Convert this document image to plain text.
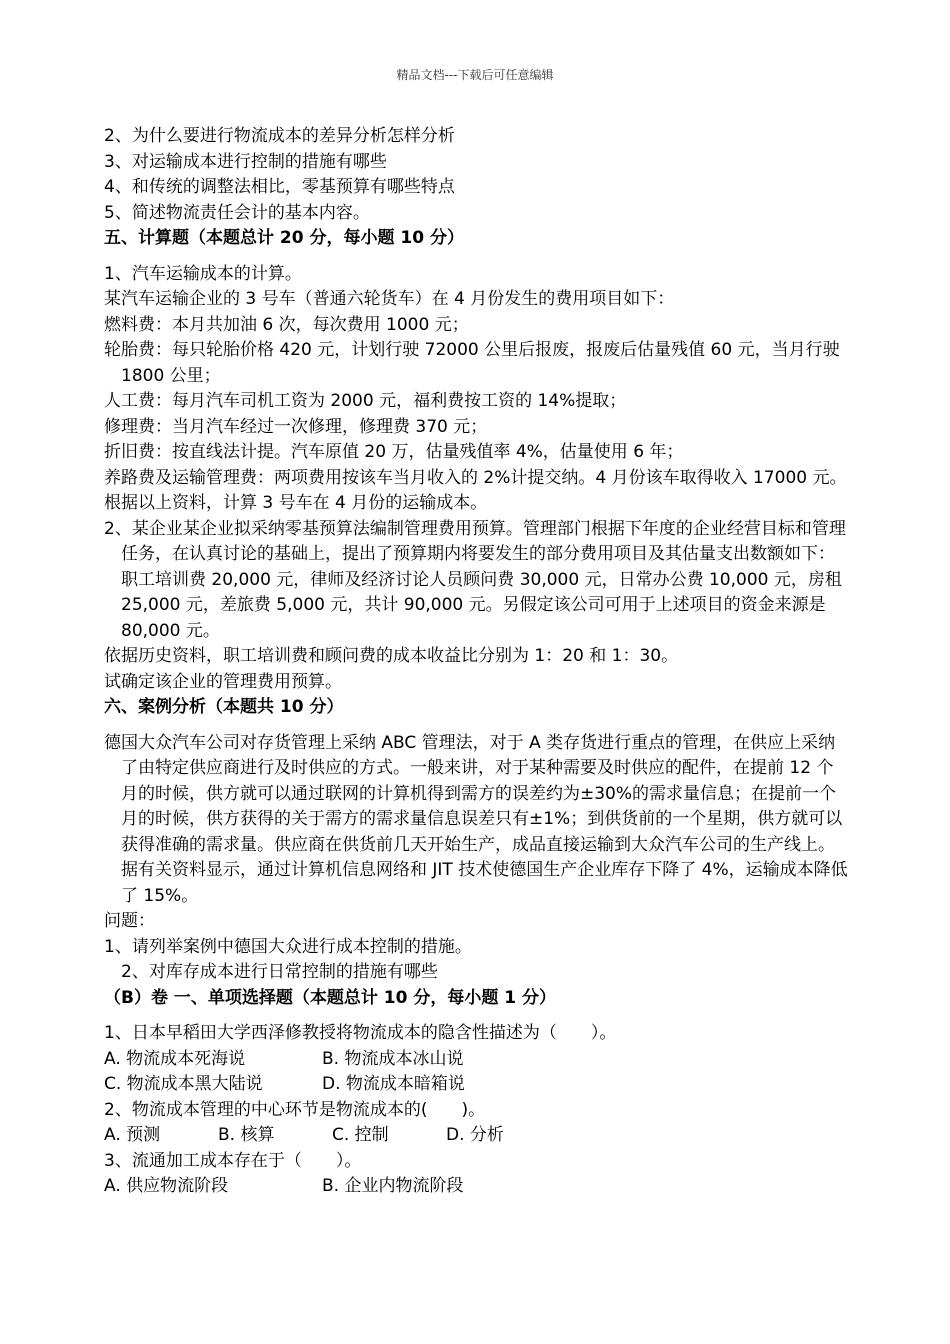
精品文档---下载后可任意编辑
2、为什么要进行物流成本的差异分析怎样分析
3、对运输成本进行控制的措施有哪些
4、和传统的调整法相比，零基预算有哪些特点
5、简述物流责任会计的基本内容。
五、计算题（本题总计 20 分，每小题 10 分）
1、汽车运输成本的计算。
某汽车运输企业的 3 号车（普通六轮货车）在 4 月份发生的费用项目如下：
燃料费：本月共加油 6 次，每次费用 1000 元；
轮胎费：每只轮胎价格 420 元，计划行驶 72000 公里后报废，报废后估量残值 60 元，当月行驶 1800 公里；
人工费：每月汽车司机工资为 2000 元，福利费按工资的 14%提取；
修理费：当月汽车经过一次修理，修理费 370 元；
折旧费：按直线法计提。汽车原值 20 万，估量残值率 4%，估量使用 6 年；
养路费及运输管理费：两项费用按该车当月收入的 2%计提交纳。4 月份该车取得收入 17000 元。
根据以上资料，计算 3 号车在 4 月份的运输成本。
2、某企业某企业拟采纳零基预算法编制管理费用预算。管理部门根据下年度的企业经营目标和管理任务，在认真讨论的基础上，提出了预算期内将要发生的部分费用项目及其估量支出数额如下：职工培训费 20,000 元，律师及经济讨论人员顾问费 30,000 元，日常办公费 10,000 元，房租 25,000 元，差旅费 5,000 元，共计 90,000 元。另假定该公司可用于上述项目的资金来源是 80,000 元。
依据历史资料，职工培训费和顾问费的成本收益比分别为 1：20 和 1：30。
试确定该企业的管理费用预算。
六、案例分析（本题共 10 分）
德国大众汽车公司对存货管理上采纳 ABC 管理法，对于 A 类存货进行重点的管理，在供应上采纳了由特定供应商进行及时供应的方式。一般来讲，对于某种需要及时供应的配件，在提前 12 个月的时候，供方就可以通过联网的计算机得到需方的误差约为±30%的需求量信息；在提前一个月的时候，供方获得的关于需方的需求量信息误差只有±1%；到供货前的一个星期，供方就可以获得准确的需求量。供应商在供货前几天开始生产，成品直接运输到大众汽车公司的生产线上。据有关资料显示，通过计算机信息网络和 JIT 技术使德国生产企业库存下降了 4%，运输成本降低了 15%。
问题：
1、请列举案例中德国大众进行成本控制的措施。
2、对库存成本进行日常控制的措施有哪些
（B）卷 一、单项选择题（本题总计 10 分，每小题 1 分）
1、日本早稻田大学西泽修教授将物流成本的隐含性描述为（　　）。
A. 物流成本死海说	B. 物流成本冰山说
C. 物流成本黑大陆说	D. 物流成本暗箱说
2、物流成本管理的中心环节是物流成本的(　　)。
A. 预测	B. 核算	C. 控制	D. 分析
3、流通加工成本存在于（　　）。
A. 供应物流阶段	B. 企业内物流阶段
